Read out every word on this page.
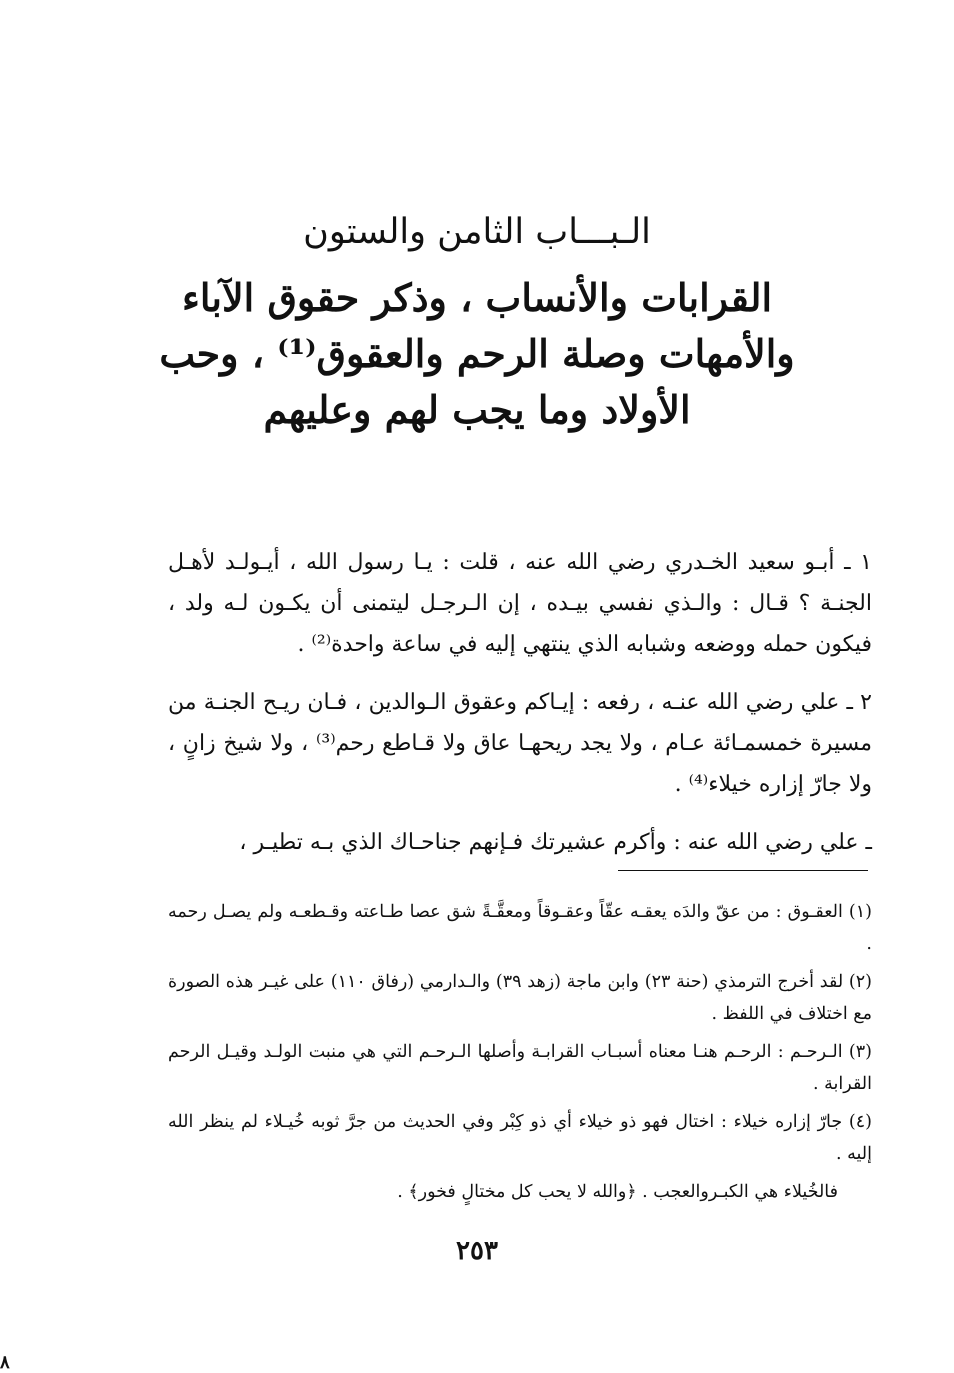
الـبـــاب الثامن والستون
القرابات والأنساب ، وذكر حقوق الآباء
والأمهات وصلة الرحم والعقوق⁽¹⁾ ، وحب
الأولاد وما يجب لهم وعليهم

١ ـ أبـو سعيد الخـدري رضي الله عنه ، قلت : يـا رسول الله ، أيـولـد لأهـل الجنـة ؟ قـال : والـذي نفسي بيـده ، إن الـرجـل ليتمنى أن يكـون لـه ولد ، فيكون حمله ووضعه وشبابه الذي ينتهي إليه في ساعة واحدة⁽²⁾ .

٢ ـ علي رضي الله عنـه ، رفعه : إيـاكم وعقوق الـوالدين ، فـان ريـح الجنـة من مسيرة خمسمـائة عـام ، ولا يجد ريحهـا عاق ولا قـاطع رحم⁽³⁾ ، ولا شيخ زانٍ ، ولا جارّ إزاره خيلاء⁽⁴⁾ .

ـ علي رضي الله عنه : وأكرم عشيرتك فـإنهم جناحـاك الذي بـه تطيـر ،

(١) العقـوق : من عقّ والدَه يعقـه عقّاً وعقـوقاً ومعقَّـةً شق عصا طـاعته وقـطعـه ولم يصـل رحمه .

(٢) لقد أخرج الترمذي (حنة ٢٣) وابن ماجة (زهد ٣٩) والـدارمي (رفاق ١١٠) على غيـر هذه الصورة مع اختلاف في اللفظ .

(٣) الـرحـم : الرحـم هنـا معناه أسبـاب القرابـة وأصلها الـرحـم التي هي منبت الولـد وقيـل الرحم القرابة .

(٤) جارّ إزاره خيلاء : اختال فهو ذو خيلاء أي ذو كِبْر وفي الحديث من جرَّ ثوبه خُيـلاء لم ينظر الله إليه .

فالخُيلاء هي الكبـروالعجب . ﴿والله لا يحب كل مختالٍ فخور﴾ .

٢٥٣
٨
